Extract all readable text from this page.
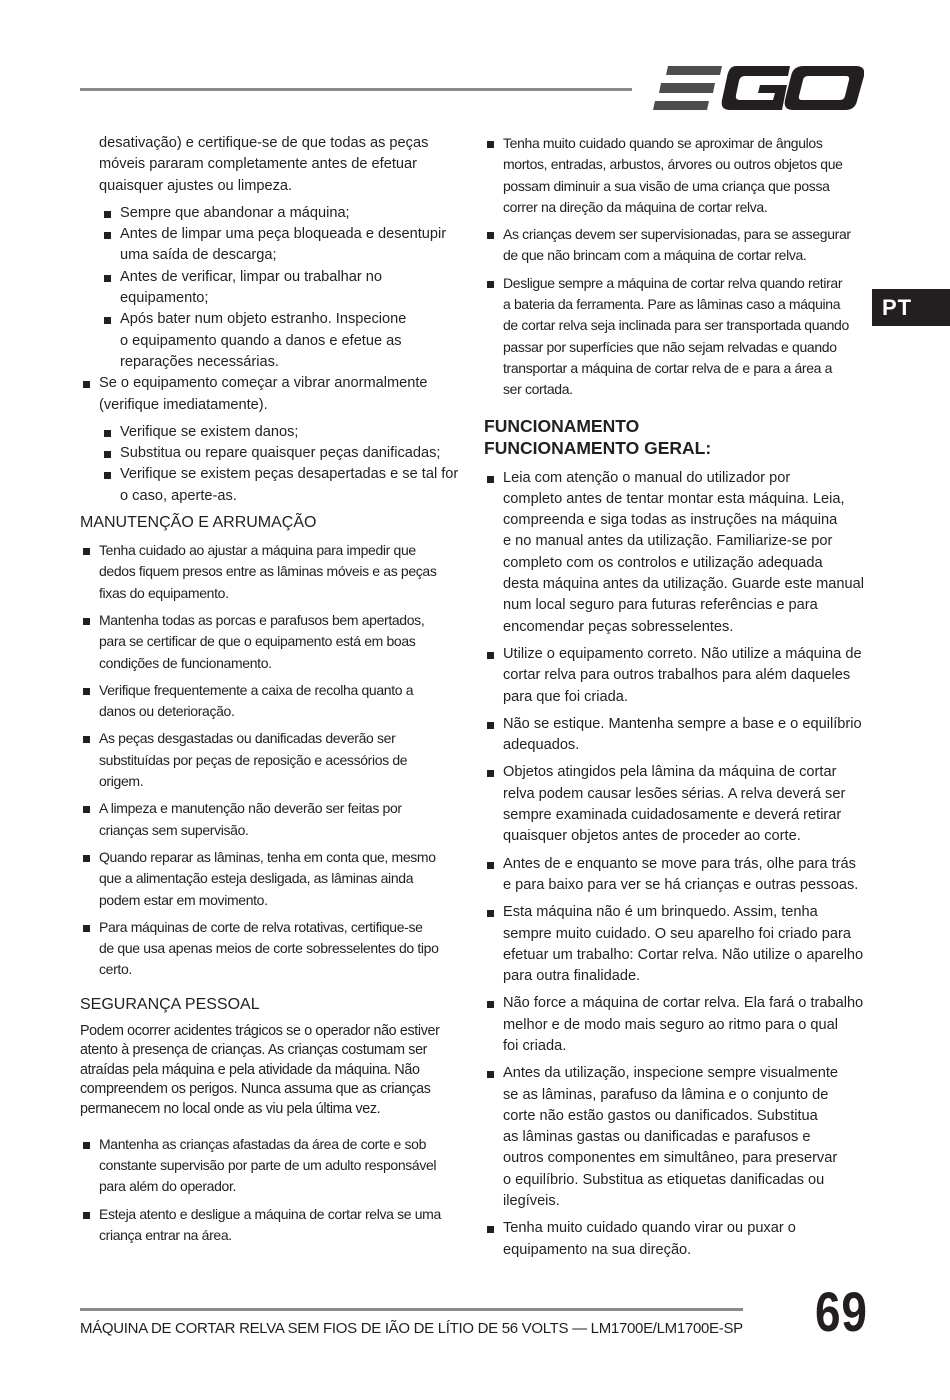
PT

desativação) e certifique-se de que todas as peças
móveis pararam completamente antes de efetuar
quaisquer ajustes ou limpeza.

Sempre que abandonar a máquina;
Antes de limpar uma peça bloqueada e desentupir
uma saída de descarga;
Antes de verificar, limpar ou trabalhar no
equipamento;
Após bater num objeto estranho. Inspecione
o equipamento quando a danos e efetue as
reparações necessárias.
Se o equipamento começar a vibrar anormalmente
(verifique imediatamente).
Verifique se existem danos;
Substitua ou repare quaisquer peças danificadas;
Verifique se existem peças desapertadas e se tal for
o caso, aperte-as.
MANUTENÇÃO E ARRUMAÇÃO
Tenha cuidado ao ajustar a máquina para impedir que
dedos fiquem presos entre as lâminas móveis e as peças
fixas do equipamento.
Mantenha todas as porcas e parafusos bem apertados,
para se certificar de que o equipamento está em boas
condições de funcionamento.
Verifique frequentemente a caixa de recolha quanto a
danos ou deterioração.
As peças desgastadas ou danificadas deverão ser
substituídas por peças de reposição e acessórios de
origem.
A limpeza e manutenção não deverão ser feitas por
crianças sem supervisão.
Quando reparar as lâminas, tenha em conta que, mesmo
que a alimentação esteja desligada, as lâminas ainda
podem estar em movimento.
Para máquinas de corte de relva rotativas, certifique-se
de que usa apenas meios de corte sobresselentes do tipo
certo.
SEGURANÇA PESSOAL

Podem ocorrer acidentes trágicos se o operador não estiver
atento à presença de crianças. As crianças costumam ser
atraídas pela máquina e pela atividade da máquina. Não
compreendem os perigos. Nunca assuma que as crianças
permanecem no local onde as viu pela última vez.

Mantenha as crianças afastadas da área de corte e sob
constante supervisão por parte de um adulto responsável
para além do operador.
Esteja atento e desligue a máquina de cortar relva se uma
criança entrar na área.
Tenha muito cuidado quando se aproximar de ângulos
mortos, entradas, arbustos, árvores ou outros objetos que
possam diminuir a sua visão de uma criança que possa
correr na direção da máquina de cortar relva.
As crianças devem ser supervisionadas, para se assegurar
de que não brincam com a máquina de cortar relva.
Desligue sempre a máquina de cortar relva quando retirar
a bateria da ferramenta. Pare as lâminas caso a máquina
de cortar relva seja inclinada para ser transportada quando
passar por superfícies que não sejam relvadas e quando
transportar a máquina de cortar relva de e para a área a
ser cortada.
FUNCIONAMENTO
FUNCIONAMENTO GERAL:
Leia com atenção o manual do utilizador por
completo antes de tentar montar esta máquina. Leia,
compreenda e siga todas as instruções na máquina
e no manual antes da utilização. Familiarize-se por
completo com os controlos e utilização adequada
desta máquina antes da utilização. Guarde este manual
num local seguro para futuras referências e para
encomendar peças sobresselentes.
Utilize o equipamento correto. Não utilize a máquina de
cortar relva para outros trabalhos para além daqueles
para que foi criada.
Não se estique. Mantenha sempre a base e o equilíbrio
adequados.
Objetos atingidos pela lâmina da máquina de cortar
relva podem causar lesões sérias. A relva deverá ser
sempre examinada cuidadosamente e deverá retirar
quaisquer objetos antes de proceder ao corte.
Antes de e enquanto se move para trás, olhe para trás
e para baixo para ver se há crianças e outras pessoas.
Esta máquina não é um brinquedo. Assim, tenha
sempre muito cuidado. O seu aparelho foi criado para
efetuar um trabalho: Cortar relva. Não utilize o aparelho
para outra finalidade.
Não force a máquina de cortar relva. Ela fará o trabalho
melhor e de modo mais seguro ao ritmo para o qual
foi criada.
Antes da utilização, inspecione sempre visualmente
se as lâminas, parafuso da lâmina e o conjunto de
corte não estão gastos ou danificados. Substitua
as lâminas gastas ou danificadas e parafusos e
outros componentes em simultâneo, para preservar
o equilíbrio. Substitua as etiquetas danificadas ou
ilegíveis.
Tenha muito cuidado quando virar ou puxar o
equipamento na sua direção.
MÁQUINA DE CORTAR RELVA SEM FIOS DE IÃO DE LÍTIO DE 56 VOLTS — LM1700E/LM1700E-SP 69
